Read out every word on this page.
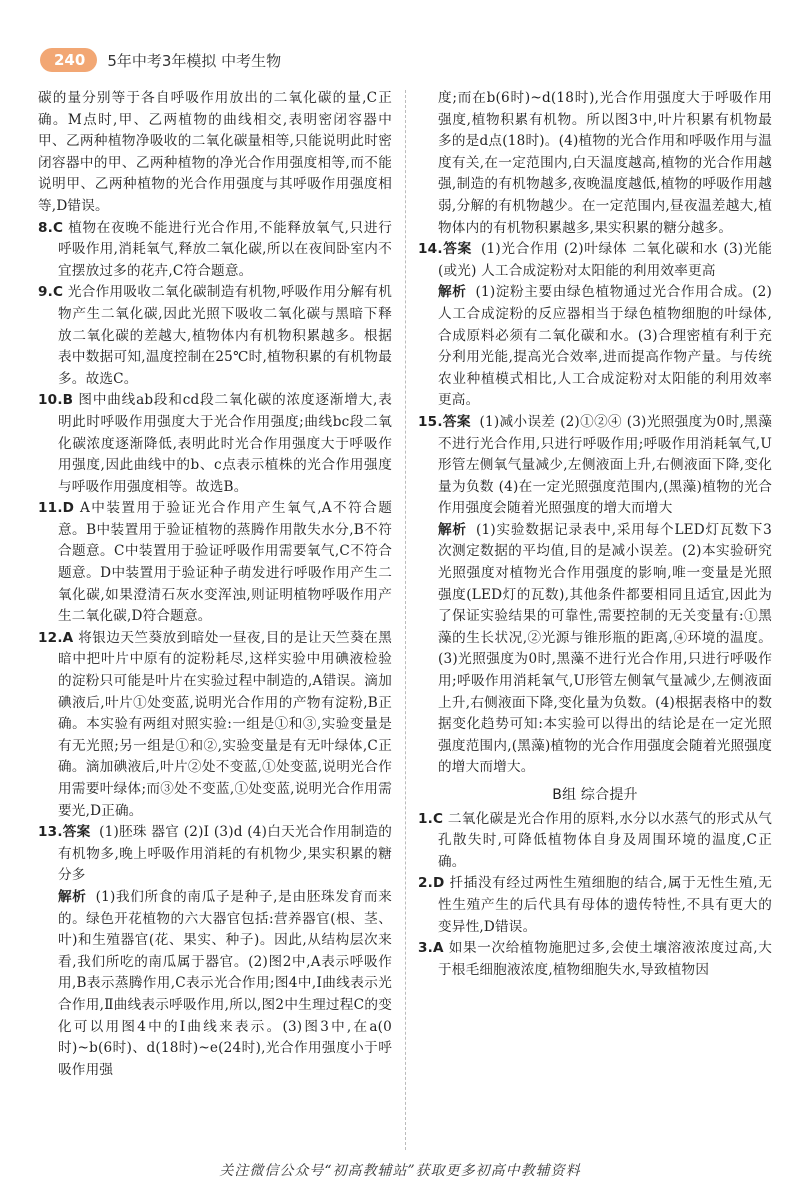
240	5年中考3年模拟 中考生物

碳的量分别等于各自呼吸作用放出的二氧化碳的量,C正确。M点时,甲、乙两植物的曲线相交,表明密闭容器中甲、乙两种植物净吸收的二氧化碳量相等,只能说明此时密闭容器中的甲、乙两种植物的净光合作用强度相等,而不能说明甲、乙两种植物的光合作用强度与其呼吸作用强度相等,D错误。

8.C 植物在夜晚不能进行光合作用,不能释放氧气,只进行呼吸作用,消耗氧气,释放二氧化碳,所以在夜间卧室内不宜摆放过多的花卉,C符合题意。

9.C 光合作用吸收二氧化碳制造有机物,呼吸作用分解有机物产生二氧化碳,因此光照下吸收二氧化碳与黑暗下释放二氧化碳的差越大,植物体内有机物积累越多。根据表中数据可知,温度控制在25℃时,植物积累的有机物最多。故选C。

10.B 图中曲线ab段和cd段二氧化碳的浓度逐渐增大,表明此时呼吸作用强度大于光合作用强度;曲线bc段二氧化碳浓度逐渐降低,表明此时光合作用强度大于呼吸作用强度,因此曲线中的b、c点表示植株的光合作用强度与呼吸作用强度相等。故选B。

11.D A中装置用于验证光合作用产生氧气,A不符合题意。B中装置用于验证植物的蒸腾作用散失水分,B不符合题意。C中装置用于验证呼吸作用需要氧气,C不符合题意。D中装置用于验证种子萌发进行呼吸作用产生二氧化碳,如果澄清石灰水变浑浊,则证明植物呼吸作用产生二氧化碳,D符合题意。

12.A 将银边天竺葵放到暗处一昼夜,目的是让天竺葵在黑暗中把叶片中原有的淀粉耗尽,这样实验中用碘液检验的淀粉只可能是叶片在实验过程中制造的,A错误。滴加碘液后,叶片①处变蓝,说明光合作用的产物有淀粉,B正确。本实验有两组对照实验:一组是①和③,实验变量是有无光照;另一组是①和②,实验变量是有无叶绿体,C正确。滴加碘液后,叶片②处不变蓝,①处变蓝,说明光合作用需要叶绿体;而③处不变蓝,①处变蓝,说明光合作用需要光,D正确。

13.答案 (1)胚珠 器官 (2)Ⅰ (3)d (4)白天光合作用制造的有机物多,晚上呼吸作用消耗的有机物少,果实积累的糖分多
解析 (1)我们所食的南瓜子是种子,是由胚珠发育而来的。绿色开花植物的六大器官包括:营养器官(根、茎、叶)和生殖器官(花、果实、种子)。因此,从结构层次来看,我们所吃的南瓜属于器官。(2)图2中,A表示呼吸作用,B表示蒸腾作用,C表示光合作用;图4中,Ⅰ曲线表示光合作用,Ⅱ曲线表示呼吸作用,所以,图2中生理过程C的变化可以用图4中的Ⅰ曲线来表示。(3)图3中,在a(0时)~b(6时)、d(18时)~e(24时),光合作用强度小于呼吸作用强

度;而在b(6时)~d(18时),光合作用强度大于呼吸作用强度,植物积累有机物。所以图3中,叶片积累有机物最多的是d点(18时)。(4)植物的光合作用和呼吸作用与温度有关,在一定范围内,白天温度越高,植物的光合作用越强,制造的有机物越多,夜晚温度越低,植物的呼吸作用越弱,分解的有机物越少。在一定范围内,昼夜温差越大,植物体内的有机物积累越多,果实积累的糖分越多。

14.答案 (1)光合作用 (2)叶绿体 二氧化碳和水 (3)光能(或光) 人工合成淀粉对太阳能的利用效率更高
解析 (1)淀粉主要由绿色植物通过光合作用合成。(2)人工合成淀粉的反应器相当于绿色植物细胞的叶绿体,合成原料必须有二氧化碳和水。(3)合理密植有利于充分利用光能,提高光合效率,进而提高作物产量。与传统农业种植模式相比,人工合成淀粉对太阳能的利用效率更高。
15.答案 (1)减小误差 (2)①②④ (3)光照强度为0时,黑藻不进行光合作用,只进行呼吸作用;呼吸作用消耗氧气,U形管左侧氧气量减少,左侧液面上升,右侧液面下降,变化量为负数 (4)在一定光照强度范围内,(黑藻)植物的光合作用强度会随着光照强度的增大而增大
解析 (1)实验数据记录表中,采用每个LED灯瓦数下3次测定数据的平均值,目的是减小误差。(2)本实验研究光照强度对植物光合作用强度的影响,唯一变量是光照强度(LED灯的瓦数),其他条件都要相同且适宜,因此为了保证实验结果的可靠性,需要控制的无关变量有:①黑藻的生长状况,②光源与锥形瓶的距离,④环境的温度。(3)光照强度为0时,黑藻不进行光合作用,只进行呼吸作用;呼吸作用消耗氧气,U形管左侧氧气量减少,左侧液面上升,右侧液面下降,变化量为负数。(4)根据表格中的数据变化趋势可知:本实验可以得出的结论是在一定光照强度范围内,(黑藻)植物的光合作用强度会随着光照强度的增大而增大。
B组 综合提升

1.C 二氧化碳是光合作用的原料,水分以水蒸气的形式从气孔散失时,可降低植物体自身及周围环境的温度,C正确。

2.D 扦插没有经过两性生殖细胞的结合,属于无性生殖,无性生殖产生的后代具有母体的遗传特性,不具有更大的变异性,D错误。

3.A 如果一次给植物施肥过多,会使土壤溶液浓度过高,大于根毛细胞液浓度,植物细胞失水,导致植物因

关注微信公众号“初高教辅站”获取更多初高中教辅资料
